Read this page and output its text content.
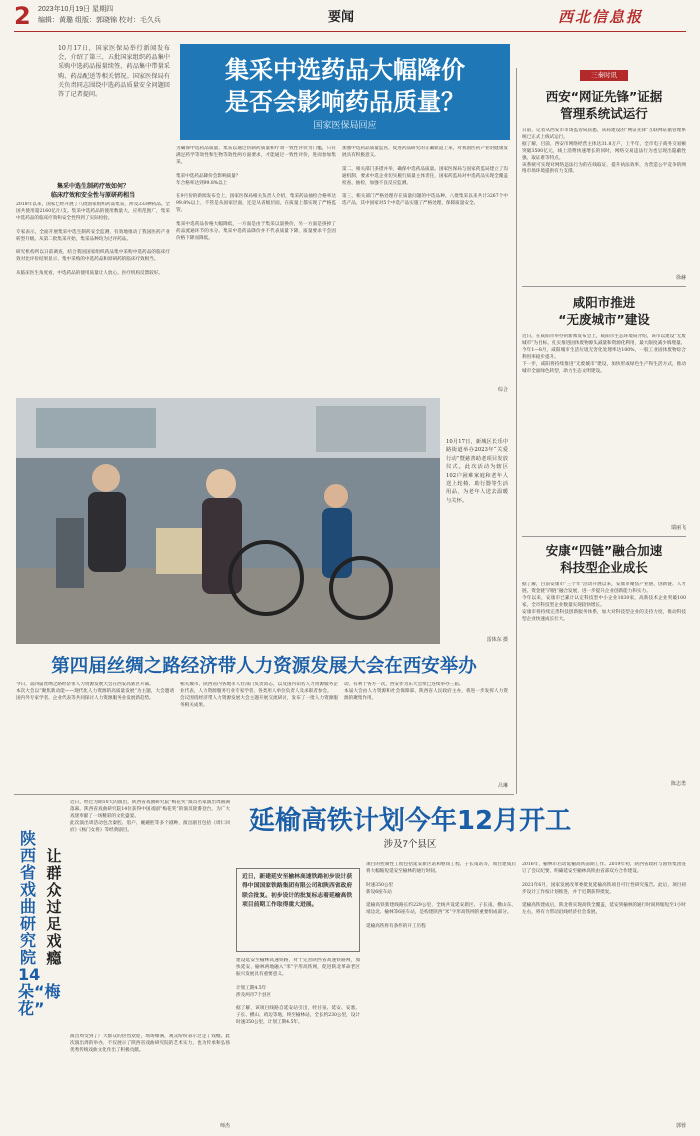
2 2023年10月19日 星期四
编辑：黄璐 组版：郭晓锦 校对：毛久兵	要闻	西北信息报
10月17日，国家医保局举行新闻发布会，介绍了第三、五批国家组织药品集中采购中选药品报量续签、药品集中带量采购、药品配送等相关情况。国家医保局有关负责同志围绕中选药品质量安全问题回答了记者提问。
集采中选药品大幅降价
是否会影响药品质量？
国家医保局回应
集采中选生制药疗效如何？
临床疗效和安全性与原研药相当
2018年以来，国家已经开展了八批国家组织药品集采，涉及333种药品。全国共使用超2160亿片/支。集采中选药品的使用数量大，应用范围广，集采中选药品的临床疗效和安全性得到了实际检验。

专家表示，全面开展集采中选生制药安全监测，有效地推动了我国医药产业转型升级。从第二批集采开始，集采品种均为过评药品。

研究机构所以日前调查，结合我国国家组织药品集中采购中选药品的临床疗效对比评价结果显示，集中采购的中选药品和原研药的临床疗效相当。

从临床医生角度看，中选药品的使用质量让人放心。医疗机构反馈较好。
为确保中选药品质量，集采以通过仿制药质量和疗效一致性评价为门槛，只有满足药学等效性和生物等效性两方面要求，才能通过一致性评价，进而参加集采。

集采中选药品降价会影响质量？
年合格率达到99.8%以上

在9月份的新闻发布会上，国家医保局相关负责人介绍，集采药品抽检合格率达99.8%以上，不管是从国家层面，还是从省级层面，在质量上都实现了严格监管。

集采中选药品价格大幅降低，一方面是由于集采以量换价，另一方面是挤掉了药品流通环节的水分。集采中选药品降价并不代表质量下降，质量要求不会因价格下降而降低。
加强中选药品质量监管，促进药品研究的正确轨道上来，对我国医药产业的健康发展具有积极意义。

第二，相关部门多措并举，确保中选药品质量。国家医保局与国家药监局建立了沟通机制，要求中选企业切实履行质量主体责任，国家药监局对中选药品实现全覆盖检查、抽检，加强不良反应监测。

第三，相关部门严格处理存在质量问题的中选品种。八批集采以来共计3267个中选产品，其中国家对5个中选产品实施了严格处理，保障质量安全。
综合
10月17日，新城区长乐中路街道举办2023年“关爱行动”暨慈善助老项目发放仪式。此次活动为辖区102户困难家庭和老年人送上轮椅、助行器等生活用品，为老年人送去温暖与关怀。
雷体东 摄
第四届丝绸之路经济带人力资源发展大会在西安举办
今日，第四届丝绸之路经济带人力资源发展大会在西安高新区开幕。
本次大会以“聚焦新动能——现代化人力资源的高质量发展”为主题，大会邀请国内外专家学者、企业代表等共同探讨人力资源服务业发展新趋势。
相关城市、陕西省内各地市人社部门负责同志，以及国内知名人力资源服务企业代表，人力资源服务行业专家学者，各类用人单位负责人及求职者参会。
会议围绕经济带人力资源发展大会主题开展交流研讨，发布了一批人力资源服务相关成果。
动、有利于各方一次，西安作为东大会址已连续举办三届。
本届大会由人力资源和社会保障部、陕西省人民政府主办，将进一步发挥人力资源的聚集作用。
吕琳
陕西省戏曲研究院14朵“梅花”
让群众过足戏瘾
近日，经过为期10天的演出，陕西省戏曲研究院“梅花奖”演员名家演出周圆满落幕。陕西省戏曲研究院14位获得中国戏剧“梅花奖”的演员轮番登台，为广大戏迷奉献了一场精彩的文化盛宴。
此次演出周活动包含秦腔、眉户、碗碗腔等多个剧种，演出剧目包括《周仁回府》《杨门女将》等经典剧目。
演出周受到了广大群众的热烈欢迎，场场爆满，观众纷纷表示过足了戏瘾。此次演出周的举办，不仅展示了陕西省戏曲研究院的艺术实力，也为传承和弘扬优秀传统戏曲文化作出了积极贡献。
师杰
延榆高铁计划今年12月开工
涉及7个县区
近日，新建延安至榆林高速铁路初步设计获得中国国家铁路集团有限公司和陕西省政府联合批复。初步设计的批复标志着延榆高铁项目前期工作取得重大进展。
建设延安至榆林高速铁路，对于完善陕西省高速铁路网，加快延安、榆林两地融入“米”字形高铁网，促进陕北革命老区振兴发展具有重要意义。

计划工期4.5年
涉及两市7个县区

据了解，该项目线路自延安站引出，经甘泉、延安、安塞、子长、横山、靖边等地，终至榆林站，全长约230公里，设计时速350公里，计划工期4.5年。
项目的控制性工程包括延安新区站和枢纽工程、子长南站等，项目建成后将大幅缩短延安至榆林的通行时间。

时速350公里
新设6座车站

延榆高铁新建线路长约229公里，全线共设延安新区、子长南、横山东、靖边北、榆林等6座车站，是构建陕西“米”字形高铁网的重要组成部分。

延榆高铁将有条件的开工历程
2016年，榆林市启动延榆高铁前期工作。2019年初，陕西省政府与国铁集团签订了会议纪要，明确延安至榆林高铁由省部双方合作建设。

2021年6月，国家发展改革委批复延榆高铁项目可行性研究报告。此后，项目初步设计工作按计划推进，并于近期获得批复。

延榆高铁建成后，陕北将实现高铁全覆盖，延安到榆林的通行时间将缩短至1小时左右，将有力带动沿线经济社会发展。
郭蓉
三秦时讯
西安“网证先锋”证据
管理系统试运行
日前，记者从西安市市场监管局获悉，该局建设的“网证先锋”互联网证据管理系统已正式上线试运行。
据了解，目前，西安市网络经营主体达31.8万户，上半年，全市电子商务交易额突破3500亿元，线上消费快速增长的同时，网络交易违法行为也呈现出隐蔽性强、取证难等特点。
该系统可实现对网络违法行为的在线取证，提升执法效率，为营造公平竞争的网络市场环境提供有力支撑。
徐赫
咸阳市推进
“无废城市”建设
近日，在咸阳市举办的新闻发布会上，咸阳市生态环境局介绍，该市以建设“无废城市”为目标，扎实推进固体废物源头减量和资源化利用，最大限度减少填埋量。
今年1—8月，咸阳城市生活垃圾无害化处理率达100%，一般工业固体废物综合利用率稳步提升。
下一步，咸阳将持续推进“无废城市”建设，加快形成绿色生产和生活方式，推动城市全面绿色转型，助力生态文明建设。
瑞丽飞
安康“四链”融合加速
科技型企业成长
据了解，目前安康市“三个年”活动开展以来，安康市聚焦产业链、创新链、人才链、资金链“四链”融合发展，进一步提升企业创新能力和实力。
今年以来，安康市已累计认定科技型中小企业1030家，高新技术企业突破100家，全市科技型企业数量实现较快增长。
安康市将持续完善科技创新服务体系，加大对科技型企业的支持力度，推动科技型企业快速成长壮大。
陈志勇
